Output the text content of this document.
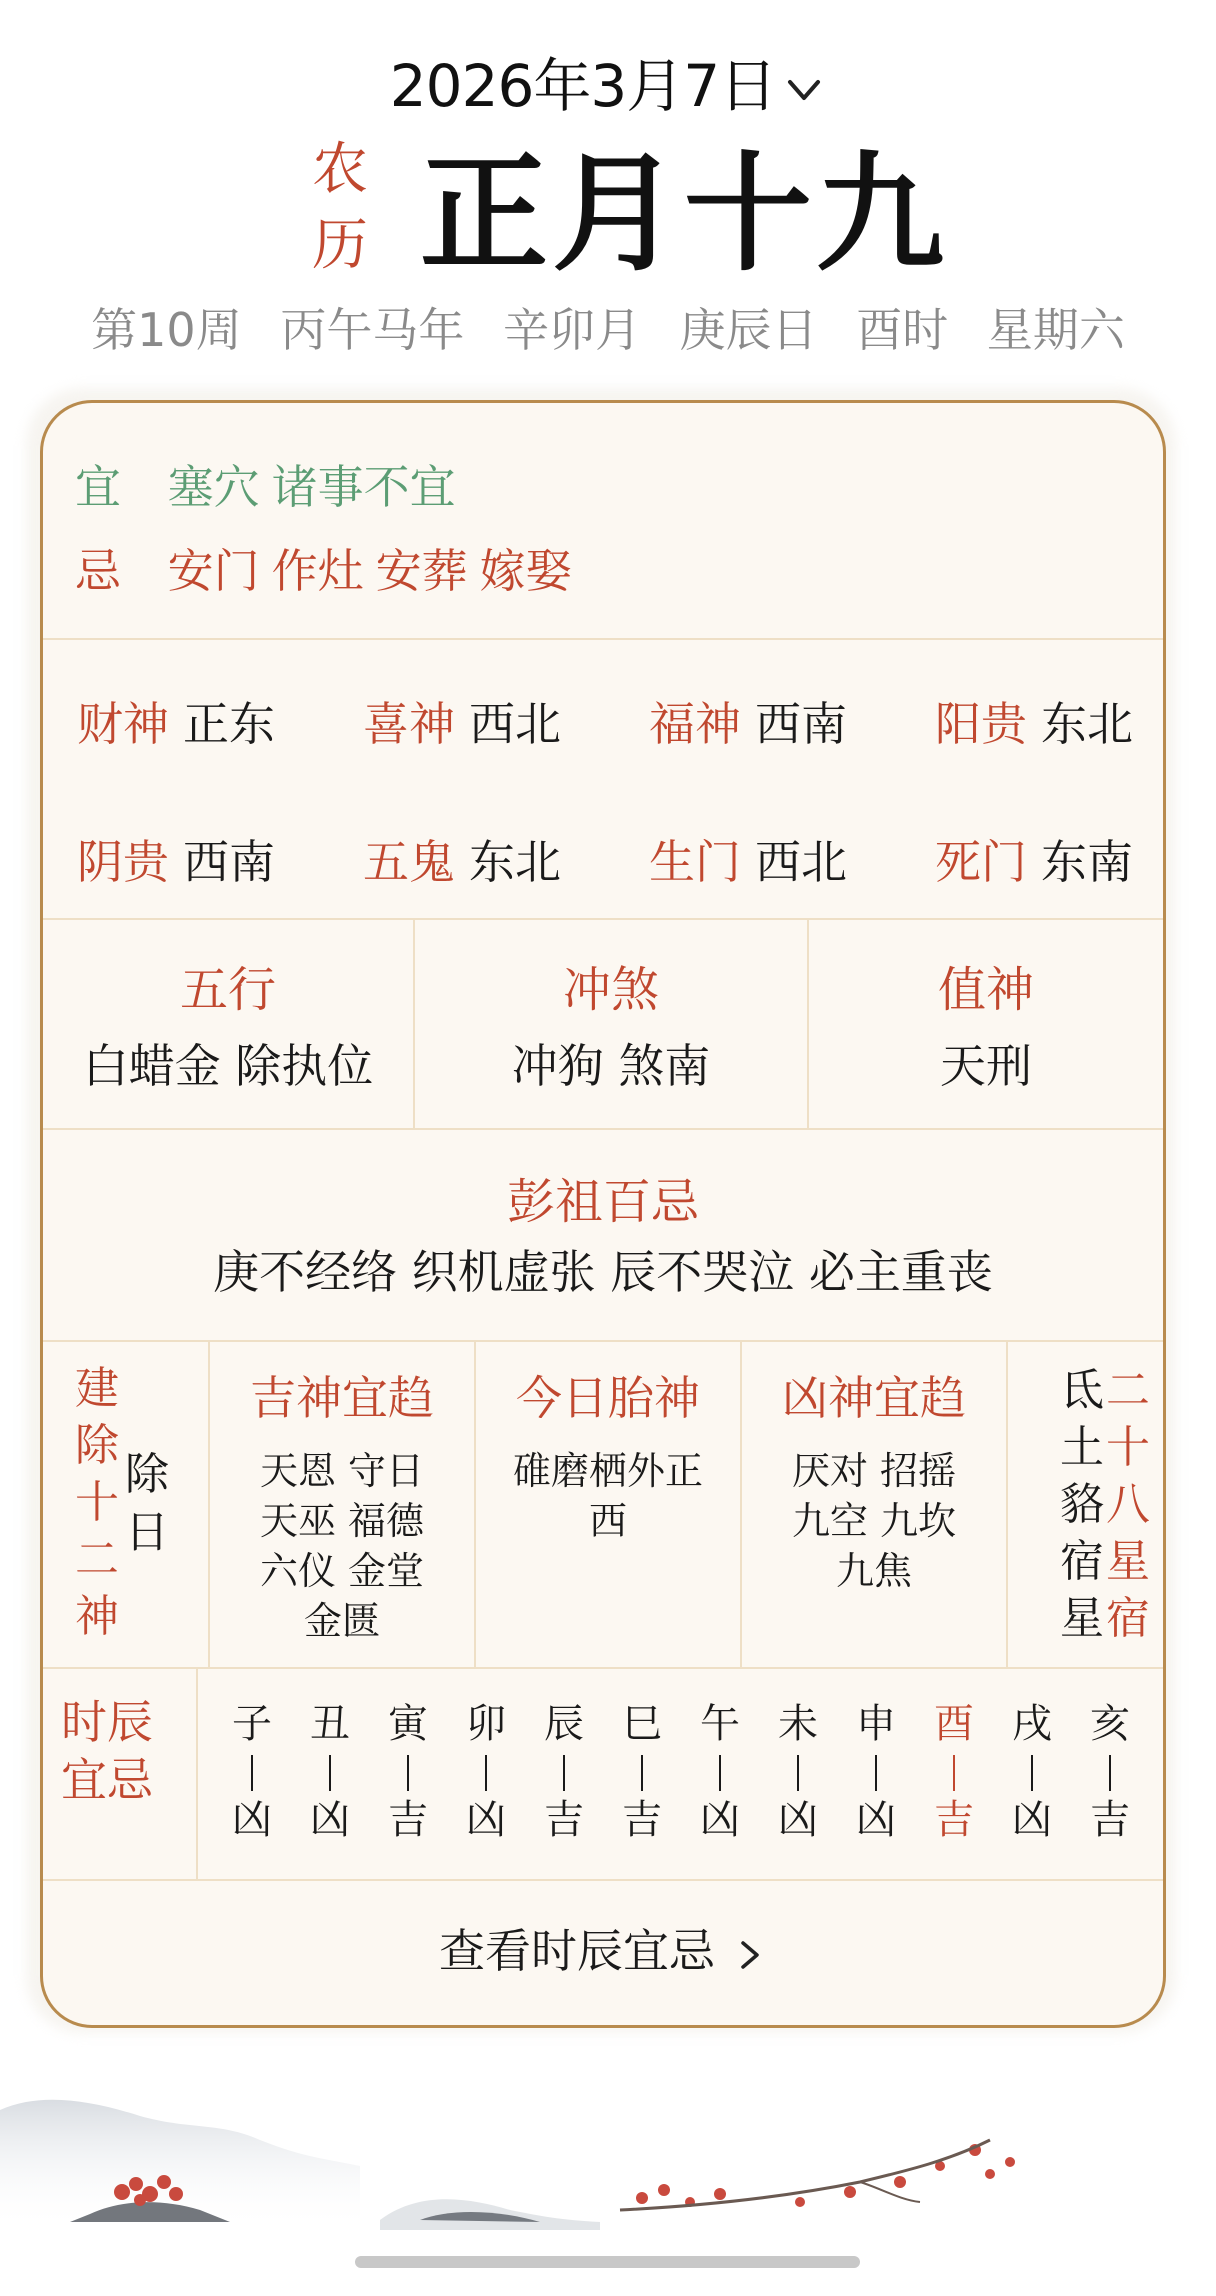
2026年3月7日
农
历 正月十九
第10周 丙午马年 辛卯月 庚辰日 酉时 星期六
宜 塞穴 诸事不宜
忌 安门 作灶 安葬 嫁娶
财神 正东 喜神 西北 福神 西南 阳贵 东北
阴贵 西南 五鬼 东北 生门 西北 死门 东南
五行
白蜡金 除执位
冲煞
冲狗 煞南
值神
天刑
彭祖百忌
庚不经络 织机虚张 辰不哭泣 必主重丧
建
除
十
二
神
除
日
吉神宜趋
天恩 守日
天巫 福德
六仪 金堂
金匮
今日胎神
碓磨栖外正
西
凶神宜趋
厌对 招摇
九空 九坎
九焦
氐
土
貉
宿
星
二
十
八
星
宿
时辰
宜忌
子
凶
丑
凶
寅
吉
卯
凶
辰
吉
巳
吉
午
凶
未
凶
申
凶
酉
吉
戌
凶
亥
吉
查看时辰宜忌
